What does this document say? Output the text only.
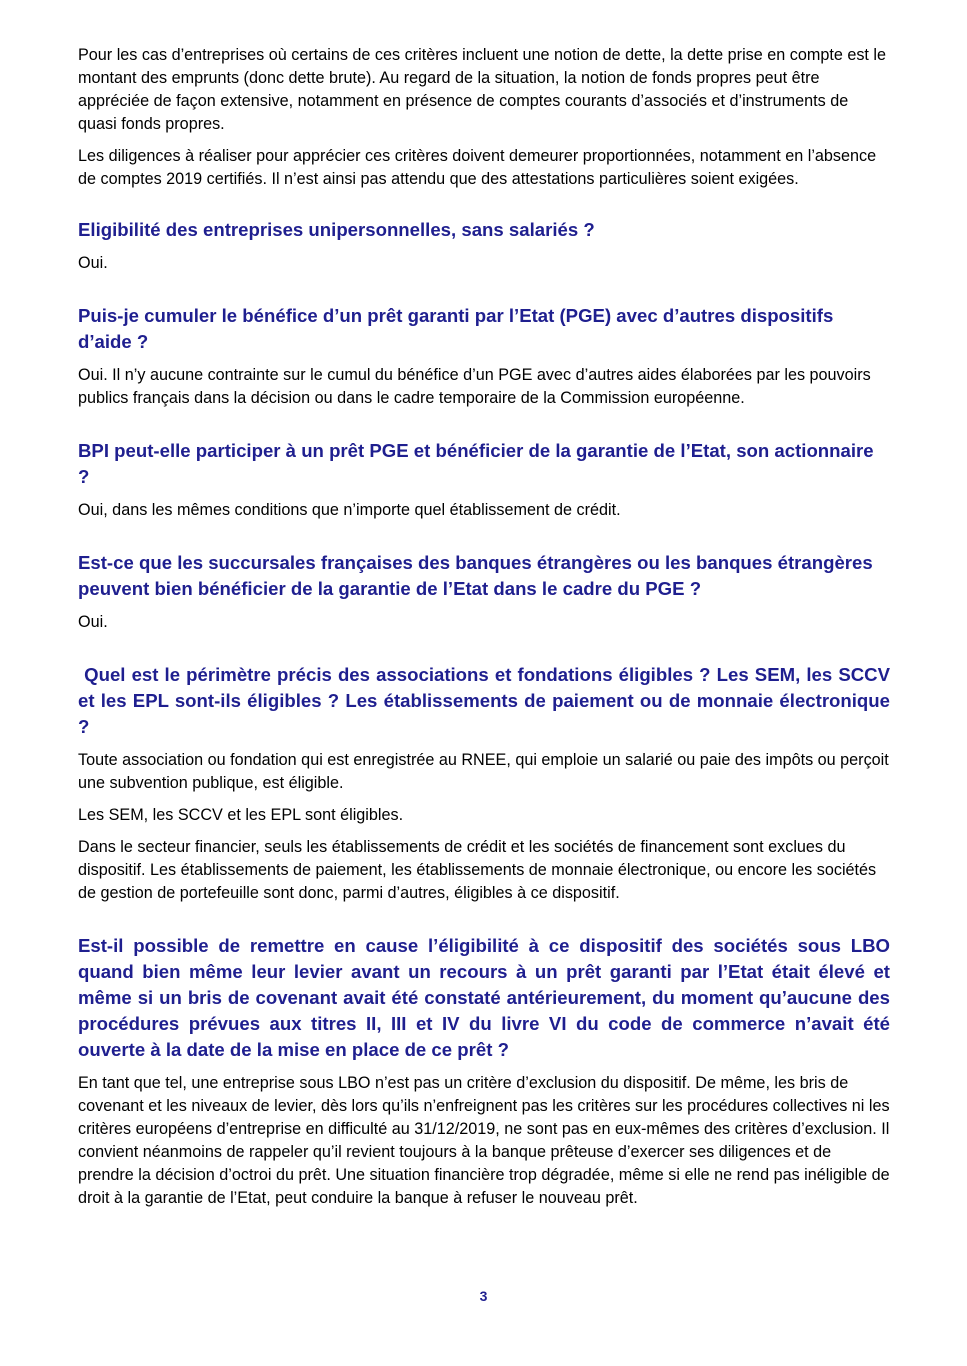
Pour les cas d’entreprises où certains de ces critères incluent une notion de dette, la dette prise en compte est le montant des emprunts (donc dette brute). Au regard de la situation, la notion de fonds propres peut être appréciée de façon extensive, notamment en présence de comptes courants d’associés et d’instruments de quasi fonds propres.

Les diligences à réaliser pour apprécier ces critères doivent demeurer proportionnées, notamment en l’absence de comptes 2019 certifiés. Il n’est ainsi pas attendu que des attestations particulières soient exigées.

Eligibilité des entreprises unipersonnelles, sans salariés ?

Oui.

Puis-je cumuler le bénéfice d’un prêt garanti par l’Etat (PGE) avec d’autres dispositifs d’aide ?

Oui. Il n’y aucune contrainte sur le cumul du bénéfice d’un PGE avec d’autres aides élaborées par les pouvoirs publics français dans la décision ou dans le cadre temporaire de la Commission européenne.

BPI peut-elle participer à un prêt PGE et bénéficier de la garantie de l’Etat, son actionnaire ?

Oui, dans les mêmes conditions que n’importe quel établissement de crédit.

Est-ce que les succursales françaises des banques étrangères ou les banques étrangères peuvent bien bénéficier de la garantie de l’Etat dans le cadre du PGE ?

Oui.

Quel est le périmètre précis des associations et fondations éligibles ? Les SEM, les SCCV et les EPL sont-ils éligibles ? Les établissements de paiement ou de monnaie électronique ?

Toute association ou fondation qui est enregistrée au RNEE, qui emploie un salarié ou paie des impôts ou perçoit une subvention publique, est éligible.

Les SEM, les SCCV et les EPL sont éligibles.

Dans le secteur financier, seuls les établissements de crédit et les sociétés de financement sont exclues du dispositif. Les établissements de paiement, les établissements de monnaie électronique, ou encore les sociétés de gestion de portefeuille sont donc, parmi d’autres, éligibles à ce dispositif.

Est-il possible de remettre en cause l’éligibilité à ce dispositif des sociétés sous LBO quand bien même leur levier avant un recours à un prêt garanti par l’Etat était élevé et même si un bris de covenant avait été constaté antérieurement, du moment qu’aucune des procédures prévues aux titres II, III et IV du livre VI du code de commerce n’avait été ouverte à la date de la mise en place de ce prêt ?

En tant que tel, une entreprise sous LBO n’est pas un critère d’exclusion du dispositif. De même, les bris de covenant et les niveaux de levier, dès lors qu’ils n’enfreignent pas les critères sur les procédures collectives ni les critères européens d’entreprise en difficulté au 31/12/2019, ne sont pas en eux-mêmes des critères d’exclusion. Il convient néanmoins de rappeler qu’il revient toujours à la banque prêteuse d’exercer ses diligences et de prendre la décision d’octroi du prêt. Une situation financière trop dégradée, même si elle ne rend pas inéligible de droit à la garantie de l’Etat, peut conduire la banque à refuser le nouveau prêt.

3
